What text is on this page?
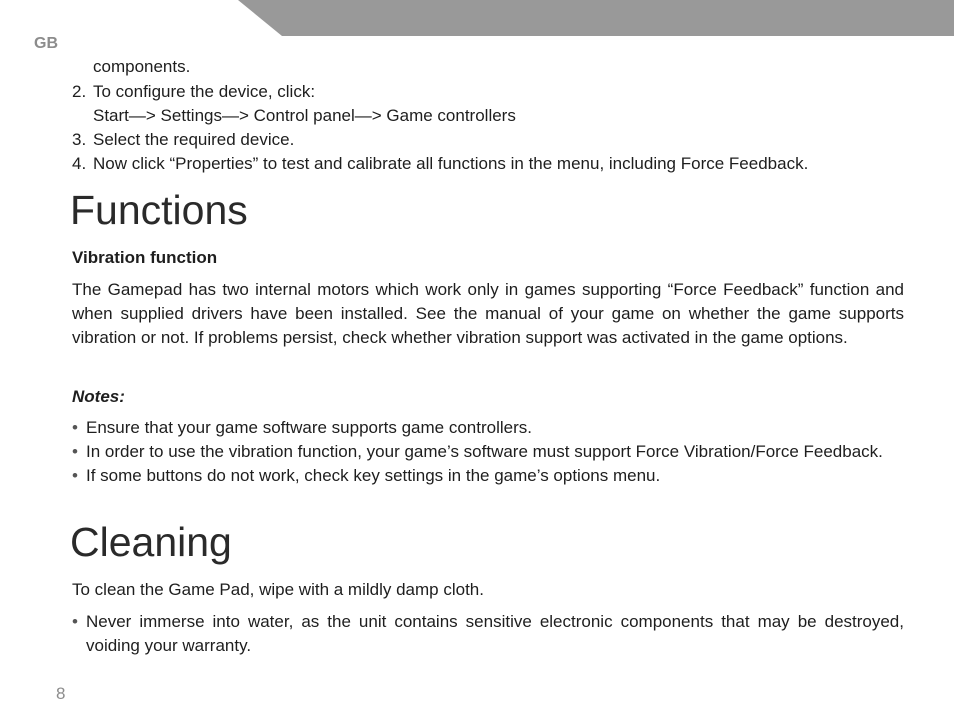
GB
components.
2. To configure the device, click:
Start—> Settings—> Control panel—> Game controllers
3. Select the required device.
4. Now click “Properties” to test and calibrate all functions in the menu, including Force Feedback.
Functions
Vibration function

The Gamepad has two internal motors which work only in games supporting “Force Feedback” function and when supplied drivers have been installed. See the manual of your game on whether the game supports vibration or not. If problems persist, check whether vibration support was activated in the game options.

Notes:
• Ensure that your game software supports game controllers.
• In order to use the vibration function, your game’s software must support Force Vibration/Force Feedback.
• If some buttons do not work, check key settings in the game’s options menu.
Cleaning

To clean the Game Pad, wipe with a mildly damp cloth.

• Never immerse into water, as the unit contains sensitive electronic components that may be destroyed, voiding your warranty.
8
